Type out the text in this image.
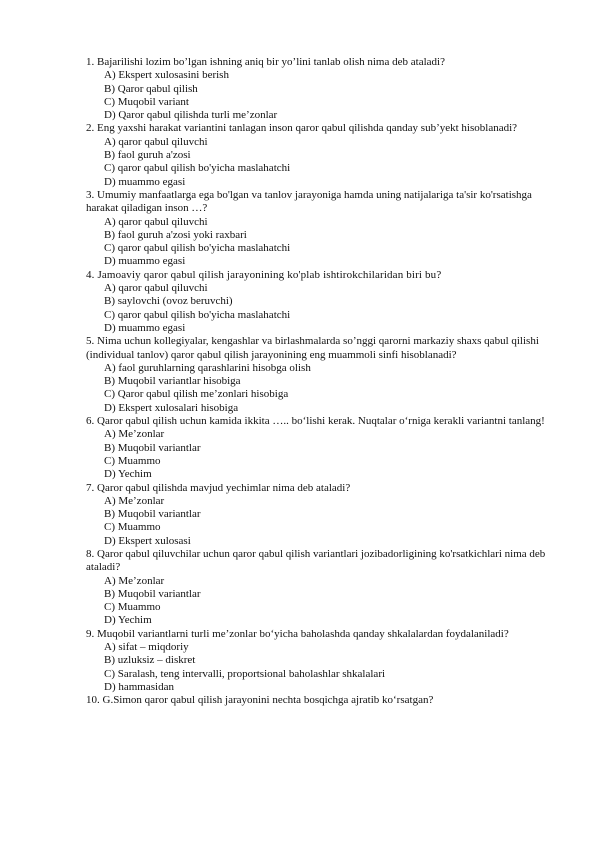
1. Bajarilishi lozim bo’lgan ishning aniq bir yo’lini tanlab olish nima deb ataladi?
A) Ekspert xulosasini berish
B) Qaror qabul qilish
C) Muqobil variant
D) Qaror qabul qilishda turli me’zonlar
2. Eng yaxshi harakat variantini tanlagan inson qaror qabul qilishda qanday sub’yekt hisoblanadi?
A) qaror qabul qiluvchi
B) faol guruh a'zosi
C) qaror qabul qilish bo'yicha maslahatchi
D) muammo egasi
3. Umumiy manfaatlarga ega bo'lgan va tanlov jarayoniga hamda uning natijalariga ta'sir ko'rsatishga harakat qiladigan inson …?
A) qaror qabul qiluvchi
B) faol guruh a'zosi yoki raxbari
C) qaror qabul qilish bo'yicha maslahatchi
D) muammo egasi
4. Jamoaviy qaror qabul qilish jarayonining ko'plab ishtirokchilaridan biri bu?
A) qaror qabul qiluvchi
B) saylovchi (ovoz beruvchi)
C) qaror qabul qilish bo'yicha maslahatchi
D) muammo egasi
5. Nima uchun kollegiyalar, kengashlar va birlashmalarda so’nggi qarorni markaziy shaxs qabul qilishi (individual tanlov) qaror qabul qilish jarayonining eng muammoli sinfi hisoblanadi?
A) faol guruhlarning qarashlarini hisobga olish
B) Muqobil variantlar hisobiga
C) Qaror qabul qilish me’zonlari hisobiga
D) Ekspert xulosalari hisobiga
6. Qaror qabul qilish uchun kamida ikkita ….. bo‘lishi kerak. Nuqtalar o‘rniga kerakli variantni tanlang!
A) Me’zonlar
B) Muqobil variantlar
C) Muammo
D) Yechim
7. Qaror qabul qilishda mavjud yechimlar nima deb ataladi?
A) Me’zonlar
B) Muqobil variantlar
C) Muammo
D) Ekspert xulosasi
8. Qaror qabul qiluvchilar uchun qaror qabul qilish variantlari jozibadorligining ko'rsatkichlari nima deb ataladi?
A) Me’zonlar
B) Muqobil variantlar
C) Muammo
D) Yechim
9. Muqobil variantlarni turli me’zonlar bo‘yicha baholashda qanday shkalalardan foydalaniladi?
A) sifat – miqdoriy
B) uzluksiz – diskret
C) Saralash, teng intervalli, proportsional baholashlar shkalalari
D) hammasidan
10. G.Simon qaror qabul qilish jarayonini nechta bosqichga ajratib ko‘rsatgan?
